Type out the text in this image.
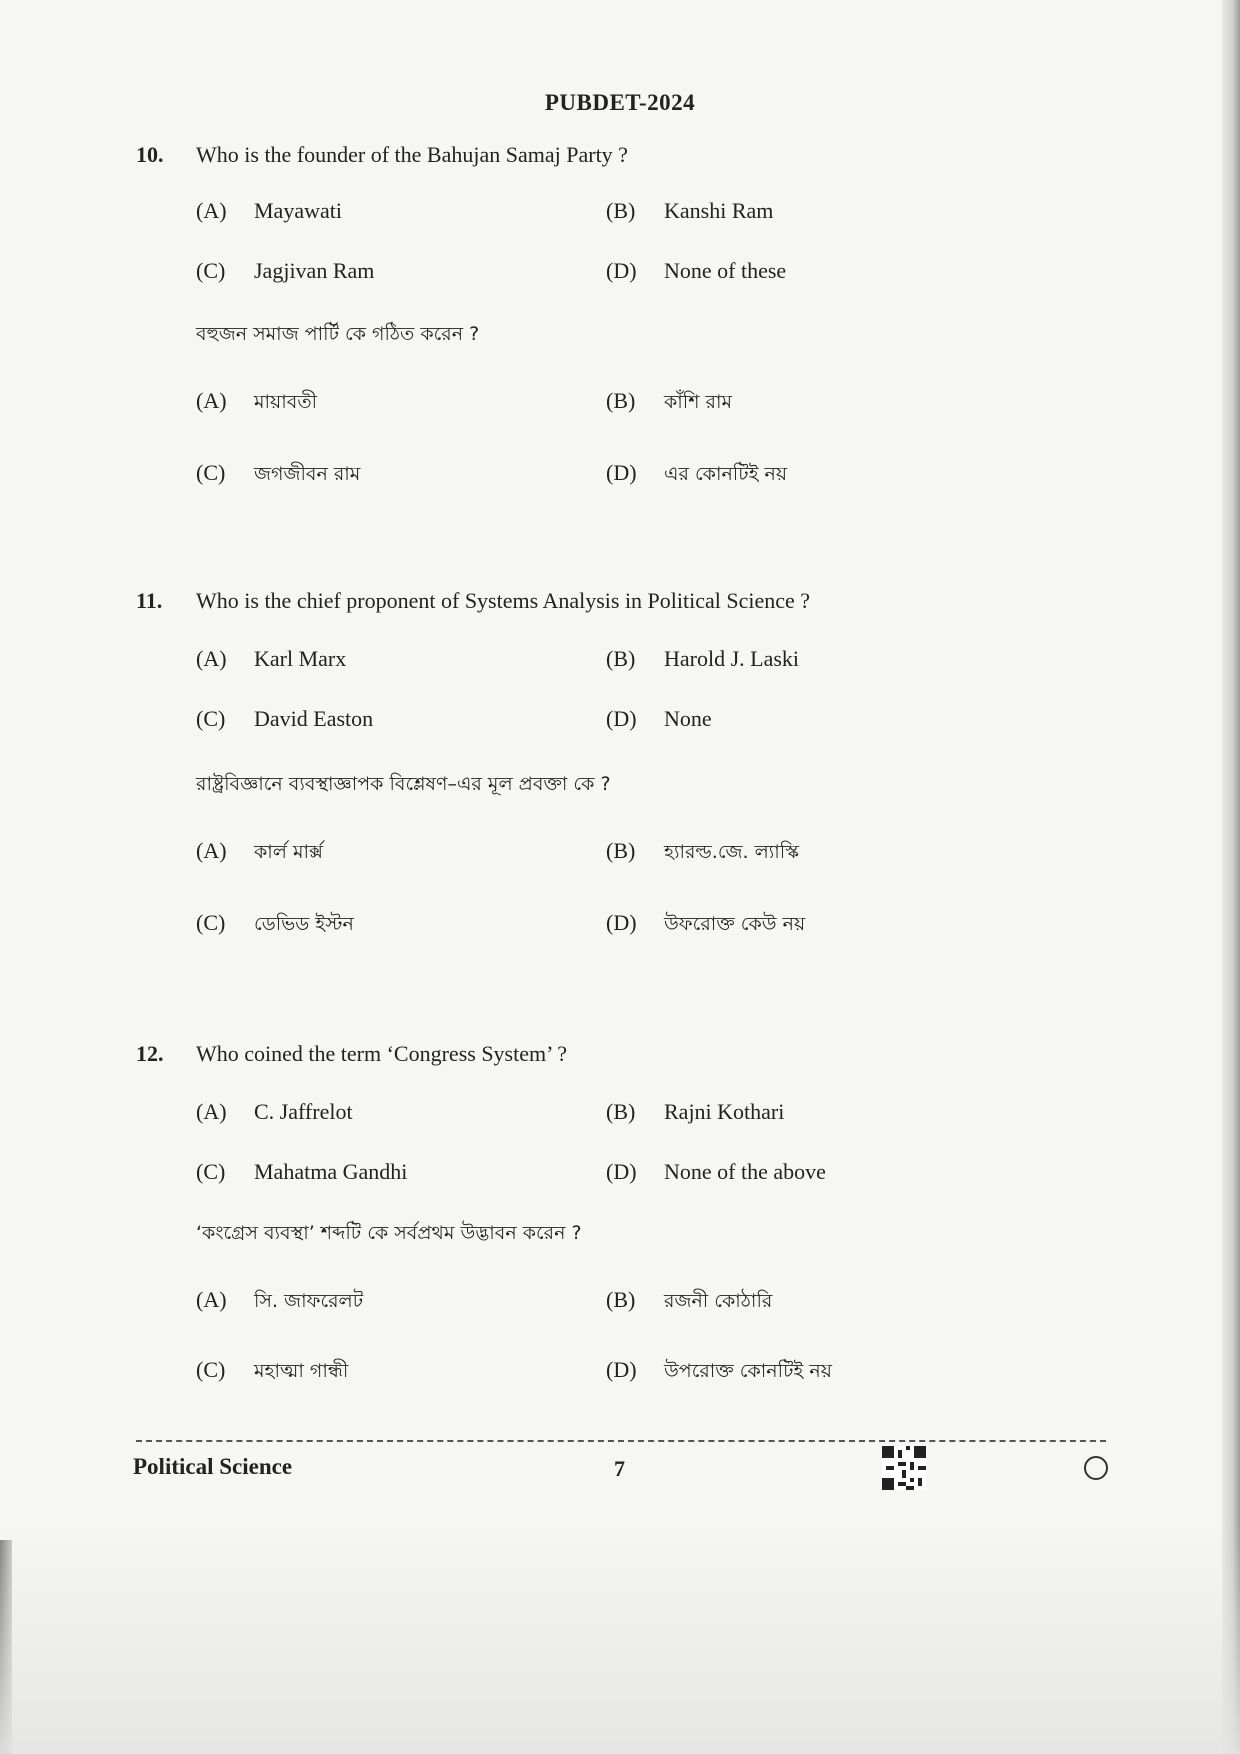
PUBDET-2024
10. Who is the founder of the Bahujan Samaj Party ?
(A) Mayawati	(B) Kanshi Ram
(C) Jagjivan Ram	(D) None of these
বহুজন সমাজ পার্টি কে গঠিত করেন ?
(A) মায়াবতী	(B) কাঁশি রাম
(C) জগজীবন রাম	(D) এর কোনটিই নয়
11. Who is the chief proponent of Systems Analysis in Political Science ?
(A) Karl Marx	(B) Harold J. Laski
(C) David Easton	(D) None
রাষ্ট্রবিজ্ঞানে ব্যবস্থাজ্ঞাপক বিশ্লেষণ–এর মূল প্রবক্তা কে ?
(A) কার্ল মার্ক্স	(B) হ্যারল্ড.জে. ল্যাস্কি
(C) ডেভিড ইস্টন	(D) উফরোক্ত কেউ নয়
12. Who coined the term ‘Congress System’ ?
(A) C. Jaffrelot	(B) Rajni Kothari
(C) Mahatma Gandhi	(D) None of the above
‘কংগ্রেস ব্যবস্থা’ শব্দটি কে সর্বপ্রথম উদ্ভাবন করেন ?
(A) সি. জাফরেলট	(B) রজনী কোঠারি
(C) মহাত্মা গান্ধী	(D) উপরোক্ত কোনটিই নয়
Political Science	7
